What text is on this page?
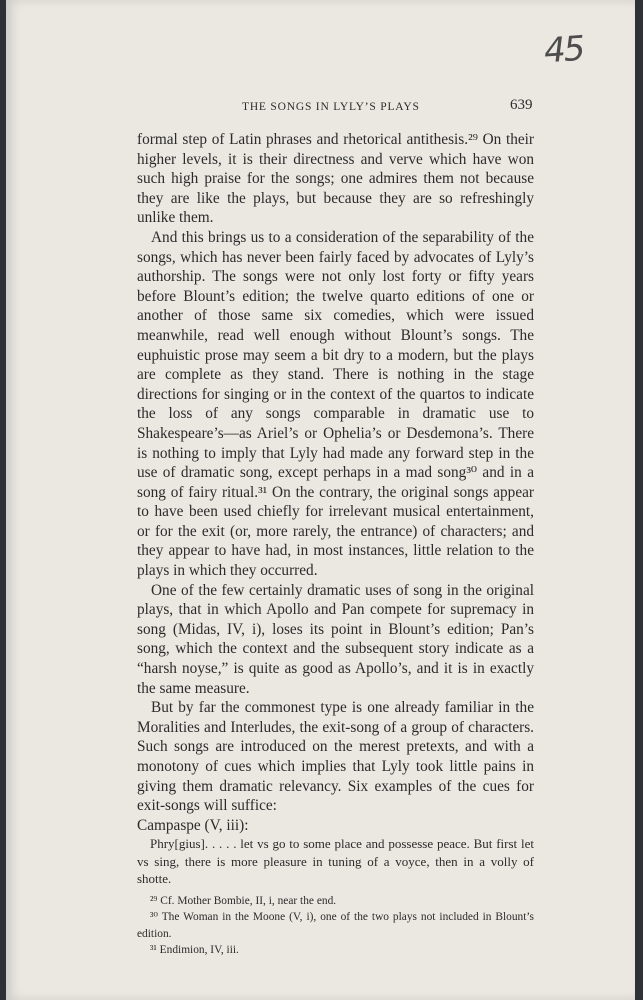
45
THE SONGS IN LYLY’S PLAYS	639

formal step of Latin phrases and rhetorical antithesis.²⁹ On their higher levels, it is their directness and verve which have won such high praise for the songs; one admires them not because they are like the plays, but because they are so refreshingly unlike them.

And this brings us to a consideration of the separability of the songs, which has never been fairly faced by advocates of Lyly’s authorship. The songs were not only lost forty or fifty years before Blount’s edition; the twelve quarto editions of one or another of those same six comedies, which were issued meanwhile, read well enough without Blount’s songs. The euphuistic prose may seem a bit dry to a modern, but the plays are complete as they stand. There is nothing in the stage directions for singing or in the context of the quartos to indicate the loss of any songs comparable in dramatic use to Shakespeare’s—as Ariel’s or Ophelia’s or Desdemona’s. There is nothing to imply that Lyly had made any forward step in the use of dramatic song, except perhaps in a mad song³⁰ and in a song of fairy ritual.³¹ On the contrary, the original songs appear to have been used chiefly for irrelevant musical entertainment, or for the exit (or, more rarely, the entrance) of characters; and they appear to have had, in most instances, little relation to the plays in which they occurred.

One of the few certainly dramatic uses of song in the original plays, that in which Apollo and Pan compete for supremacy in song (Midas, IV, i), loses its point in Blount’s edition; Pan’s song, which the context and the subsequent story indicate as a “harsh noyse,” is quite as good as Apollo’s, and it is in exactly the same measure.

But by far the commonest type is one already familiar in the Moralities and Interludes, the exit-song of a group of characters. Such songs are introduced on the merest pretexts, and with a monotony of cues which implies that Lyly took little pains in giving them dramatic relevancy. Six examples of the cues for exit-songs will suffice:

Campaspe (V, iii):
Phry[gius]. . . . . let vs go to some place and possesse peace. But first let vs sing, there is more pleasure in tuning of a voyce, then in a volly of shotte.
²⁹ Cf. Mother Bombie, II, i, near the end.
³⁰ The Woman in the Moone (V, i), one of the two plays not included in Blount’s edition.
³¹ Endimion, IV, iii.
